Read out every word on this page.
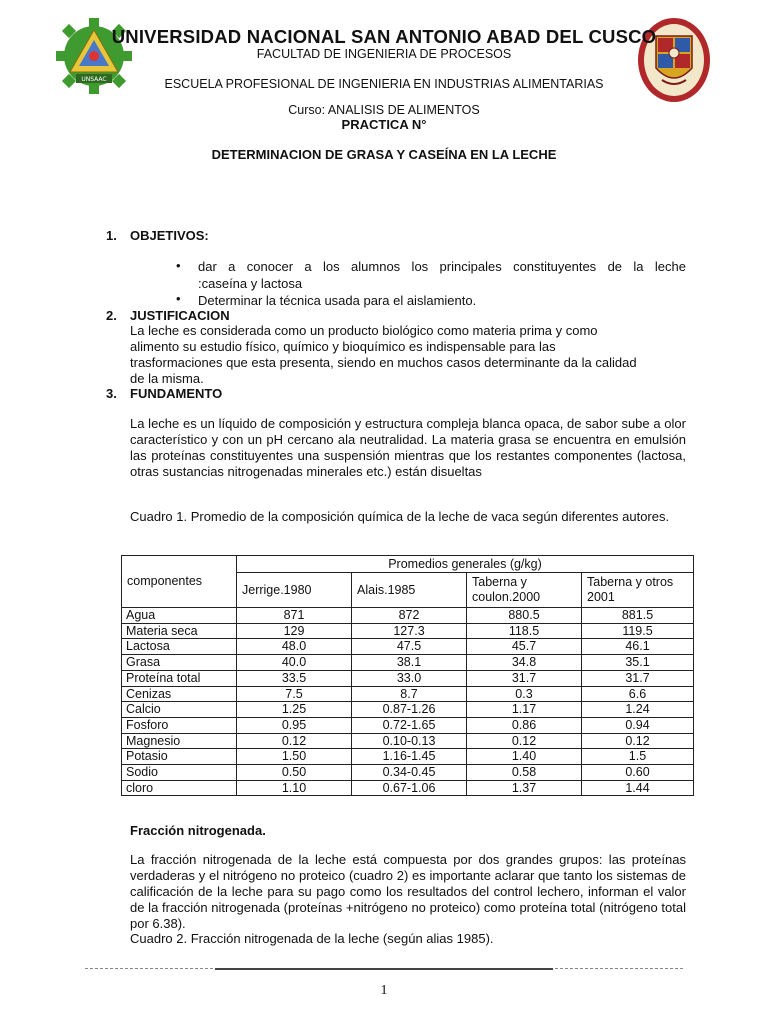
UNSAAC
UNIVERSIDAD NACIONAL SAN ANTONIO ABAD DEL CUSCO
FACULTAD DE INGENIERIA DE PROCESOS
ESCUELA PROFESIONAL DE INGENIERIA EN INDUSTRIAS ALIMENTARIAS
Curso: ANALISIS DE ALIMENTOS
PRACTICA N°
DETERMINACION DE GRASA Y CASEÍNA EN LA LECHE
1. OBJETIVOS:
• dar a conocer a los alumnos los principales constituyentes de la leche
:caseína y lactosa
• Determinar la técnica usada para el aislamiento.
2. JUSTIFICACION
La leche es considerada como un producto biológico como materia prima y como
alimento su estudio físico, químico y bioquímico es indispensable para las
trasformaciones que esta presenta, siendo en muchos casos determinante da la calidad
de la misma.
3. FUNDAMENTO
La leche es un líquido de composición y estructura compleja blanca opaca, de sabor sube a olor característico y con un pH cercano ala neutralidad. La materia grasa se encuentra en emulsión las proteínas constituyentes una suspensión mientras que los restantes componentes (lactosa, otras sustancias nitrogenadas minerales etc.) están disueltas
Cuadro 1. Promedio de la composición química de la leche de vaca según diferentes autores.
componentes	Promedios generales (g/kg)			
	Jerrige.1980	Alais.1985	Taberna y coulon.2000	Taberna y otros 2001
Agua	871	872	880.5	881.5
Materia seca	129	127.3	118.5	119.5
Lactosa	48.0	47.5	45.7	46.1
Grasa	40.0	38.1	34.8	35.1
Proteína total	33.5	33.0	31.7	31.7
Cenizas	7.5	8.7	0.3	6.6
Calcio	1.25	0.87-1.26	1.17	1.24
Fosforo	0.95	0.72-1.65	0.86	0.94
Magnesio	0.12	0.10-0.13	0.12	0.12
Potasio	1.50	1.16-1.45	1.40	1.5
Sodio	0.50	0.34-0.45	0.58	0.60
cloro	1.10	0.67-1.06	1.37	1.44
Fracción nitrogenada.
La fracción nitrogenada de la leche está compuesta por dos grandes grupos: las proteínas verdaderas y el nitrógeno no proteico (cuadro 2) es importante aclarar que tanto los sistemas de calificación de la leche para su pago como los resultados del control lechero, informan el valor de la fracción nitrogenada (proteínas +nitrógeno no proteico) como proteína total (nitrógeno total por 6.38).
Cuadro 2. Fracción nitrogenada de la leche (según alias 1985).
1
